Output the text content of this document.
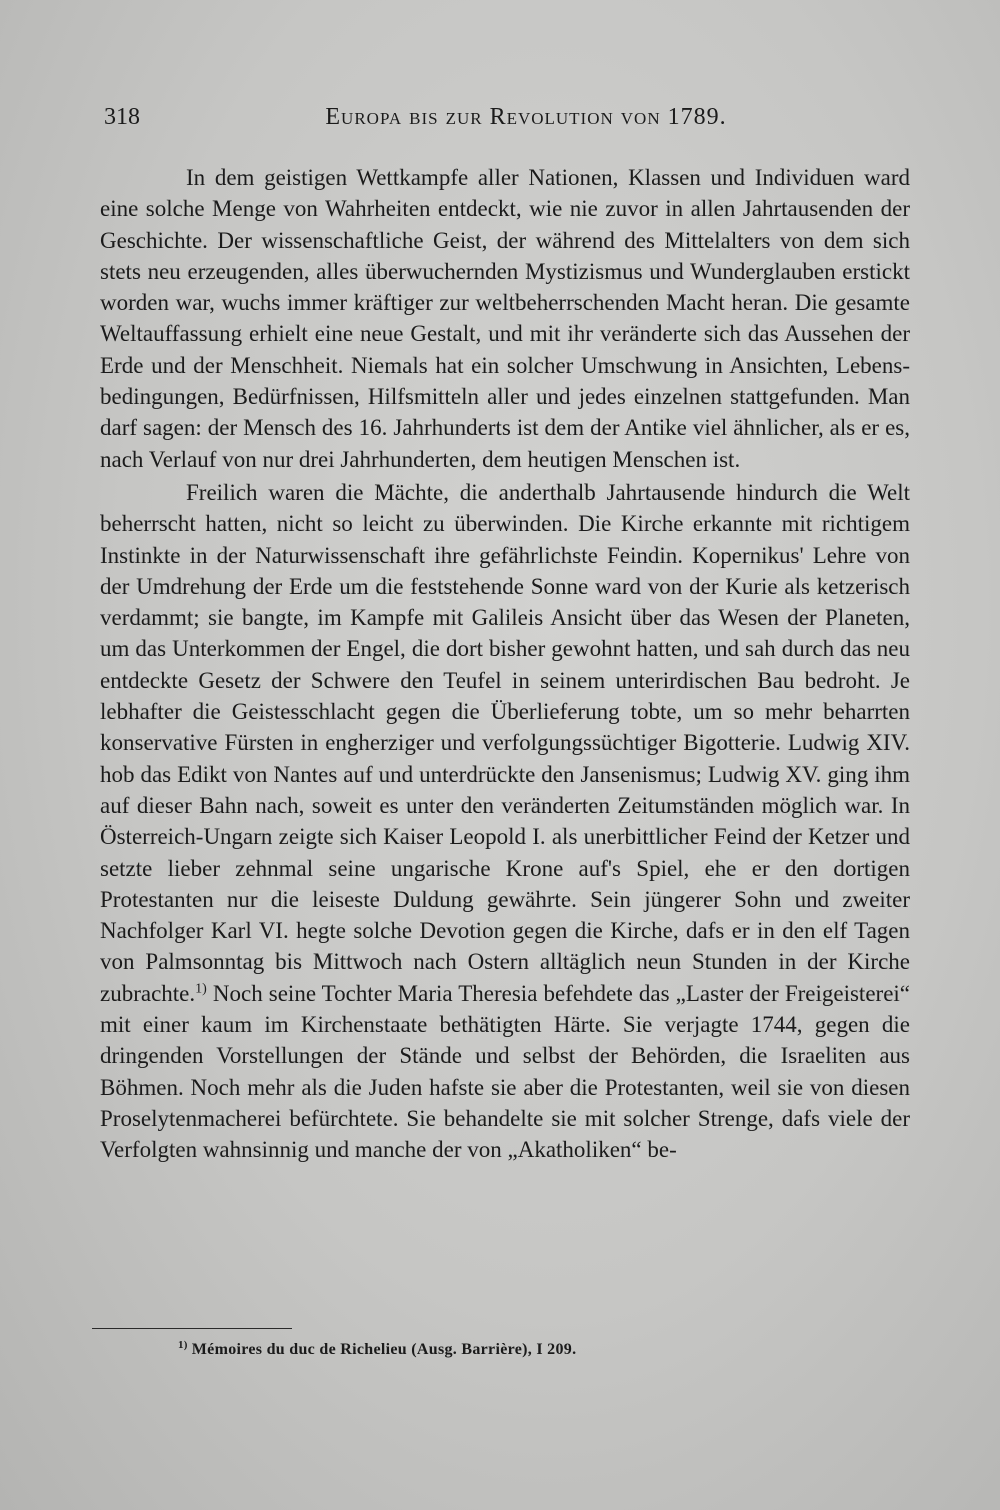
318	Europa bis zur Revolution von 1789.

In dem geistigen Wettkampfe aller Nationen, Klassen und Individuen ward eine solche Menge von Wahrheiten entdeckt, wie nie zuvor in allen Jahrtausenden der Geschichte. Der wissenschaftliche Geist, der während des Mittelalters von dem sich stets neu erzeugenden, alles überwuchernden Mystizismus und Wunderglauben erstickt worden war, wuchs immer kräftiger zur weltbeherrschenden Macht heran. Die gesamte Weltauffassung erhielt eine neue Gestalt, und mit ihr veränderte sich das Aussehen der Erde und der Menschheit. Niemals hat ein solcher Umschwung in Ansichten, Lebensbedingungen, Bedürfnissen, Hilfsmitteln aller und jedes einzelnen stattgefunden. Man darf sagen: der Mensch des 16. Jahrhunderts ist dem der Antike viel ähnlicher, als er es, nach Verlauf von nur drei Jahrhunderten, dem heutigen Menschen ist.

Freilich waren die Mächte, die anderthalb Jahrtausende hindurch die Welt beherrscht hatten, nicht so leicht zu überwinden. Die Kirche erkannte mit richtigem Instinkte in der Naturwissenschaft ihre gefährlichste Feindin. Kopernikus' Lehre von der Umdrehung der Erde um die feststehende Sonne ward von der Kurie als ketzerisch verdammt; sie bangte, im Kampfe mit Galileis Ansicht über das Wesen der Planeten, um das Unterkommen der Engel, die dort bisher gewohnt hatten, und sah durch das neu entdeckte Gesetz der Schwere den Teufel in seinem unterirdischen Bau bedroht. Je lebhafter die Geistesschlacht gegen die Überlieferung tobte, um so mehr beharrten konservative Fürsten in engherziger und verfolgungssüchtiger Bigotterie. Ludwig XIV. hob das Edikt von Nantes auf und unterdrückte den Jansenismus; Ludwig XV. ging ihm auf dieser Bahn nach, soweit es unter den veränderten Zeitumständen möglich war. In Österreich-Ungarn zeigte sich Kaiser Leopold I. als unerbittlicher Feind der Ketzer und setzte lieber zehnmal seine ungarische Krone auf's Spiel, ehe er den dortigen Protestanten nur die leiseste Duldung gewährte. Sein jüngerer Sohn und zweiter Nachfolger Karl VI. hegte solche Devotion gegen die Kirche, dafs er in den elf Tagen von Palmsonntag bis Mittwoch nach Ostern alltäglich neun Stunden in der Kirche zubrachte.$^{1)}$ Noch seine Tochter Maria Theresia befehdete das „Laster der Freigeisterei“ mit einer kaum im Kirchenstaate bethätigten Härte. Sie verjagte 1744, gegen die dringenden Vorstellungen der Stände und selbst der Behörden, die Israeliten aus Böhmen. Noch mehr als die Juden hafste sie aber die Protestanten, weil sie von diesen Proselytenmacherei befürchtete. Sie behandelte sie mit solcher Strenge, dafs viele der Verfolgten wahnsinnig und manche der von „Akatholiken“ be-

$^{1)}$ Mémoires du duc de Richelieu (Ausg. Barrière), I 209.
